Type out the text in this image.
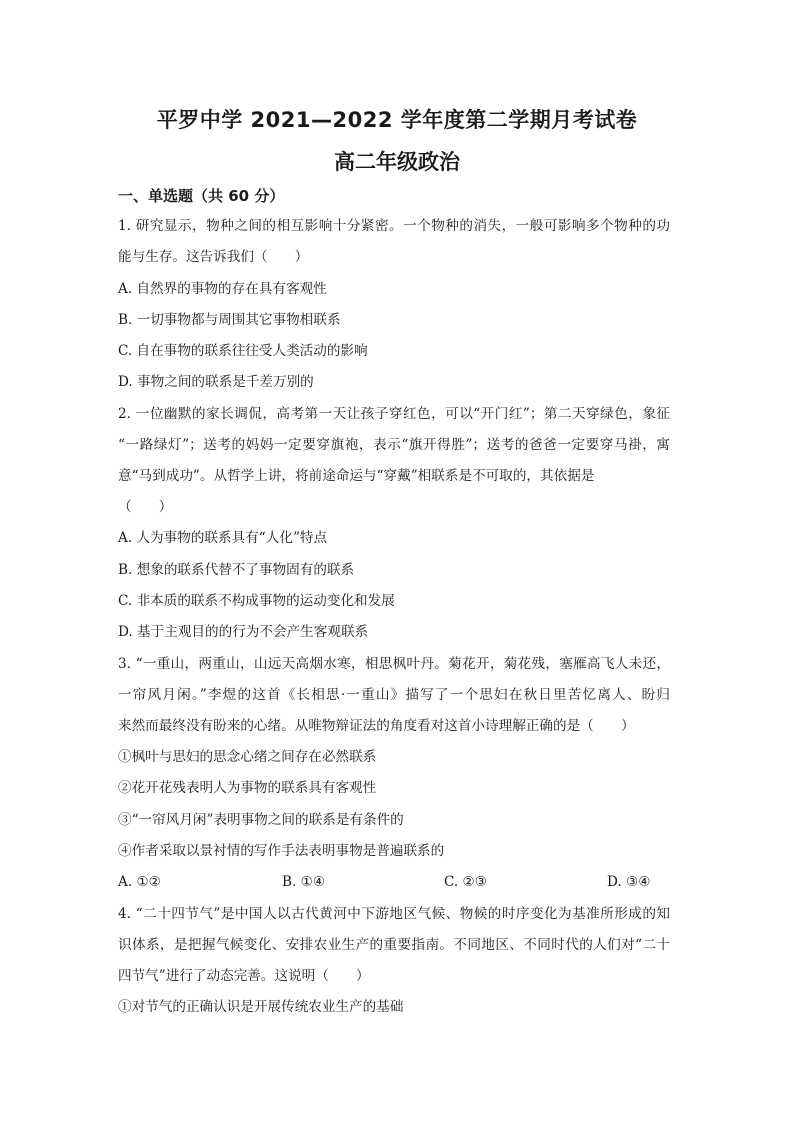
平罗中学 2021—2022 学年度第二学期月考试卷
高二年级政治
一、单选题（共 60 分）
1. 研究显示，物种之间的相互影响十分紧密。一个物种的消失，一般可影响多个物种的功
能与生存。这告诉我们（　　）
A. 自然界的事物的存在具有客观性
B. 一切事物都与周围其它事物相联系
C. 自在事物的联系往往受人类活动的影响
D. 事物之间的联系是千差万别的
2. 一位幽默的家长调侃，高考第一天让孩子穿红色，可以“开门红”；第二天穿绿色，象征
“一路绿灯”；送考的妈妈一定要穿旗袍，表示“旗开得胜”；送考的爸爸一定要穿马褂，寓
意“马到成功”。从哲学上讲，将前途命运与“穿戴”相联系是不可取的，其依据是
（　　）
A. 人为事物的联系具有“人化”特点
B. 想象的联系代替不了事物固有的联系
C. 非本质的联系不构成事物的运动变化和发展
D. 基于主观目的的行为不会产生客观联系
3. “一重山，两重山，山远天高烟水寒，相思枫叶丹。菊花开，菊花残，塞雁高飞人未还，
一帘风月闲。”李煜的这首《长相思·一重山》描写了一个思妇在秋日里苦忆离人、盼归
来然而最终没有盼来的心绪。从唯物辩证法的角度看对这首小诗理解正确的是（　　）
①枫叶与思妇的思念心绪之间存在必然联系
②花开花残表明人为事物的联系具有客观性
③“一帘风月闲”表明事物之间的联系是有条件的
④作者采取以景衬情的写作手法表明事物是普遍联系的
A. ①②	B. ①④	C. ②③	D. ③④
4. “二十四节气”是中国人以古代黄河中下游地区气候、物候的时序变化为基准所形成的知
识体系，是把握气候变化、安排农业生产的重要指南。不同地区、不同时代的人们对“二十
四节气”进行了动态完善。这说明（　　）
①对节气的正确认识是开展传统农业生产的基础
